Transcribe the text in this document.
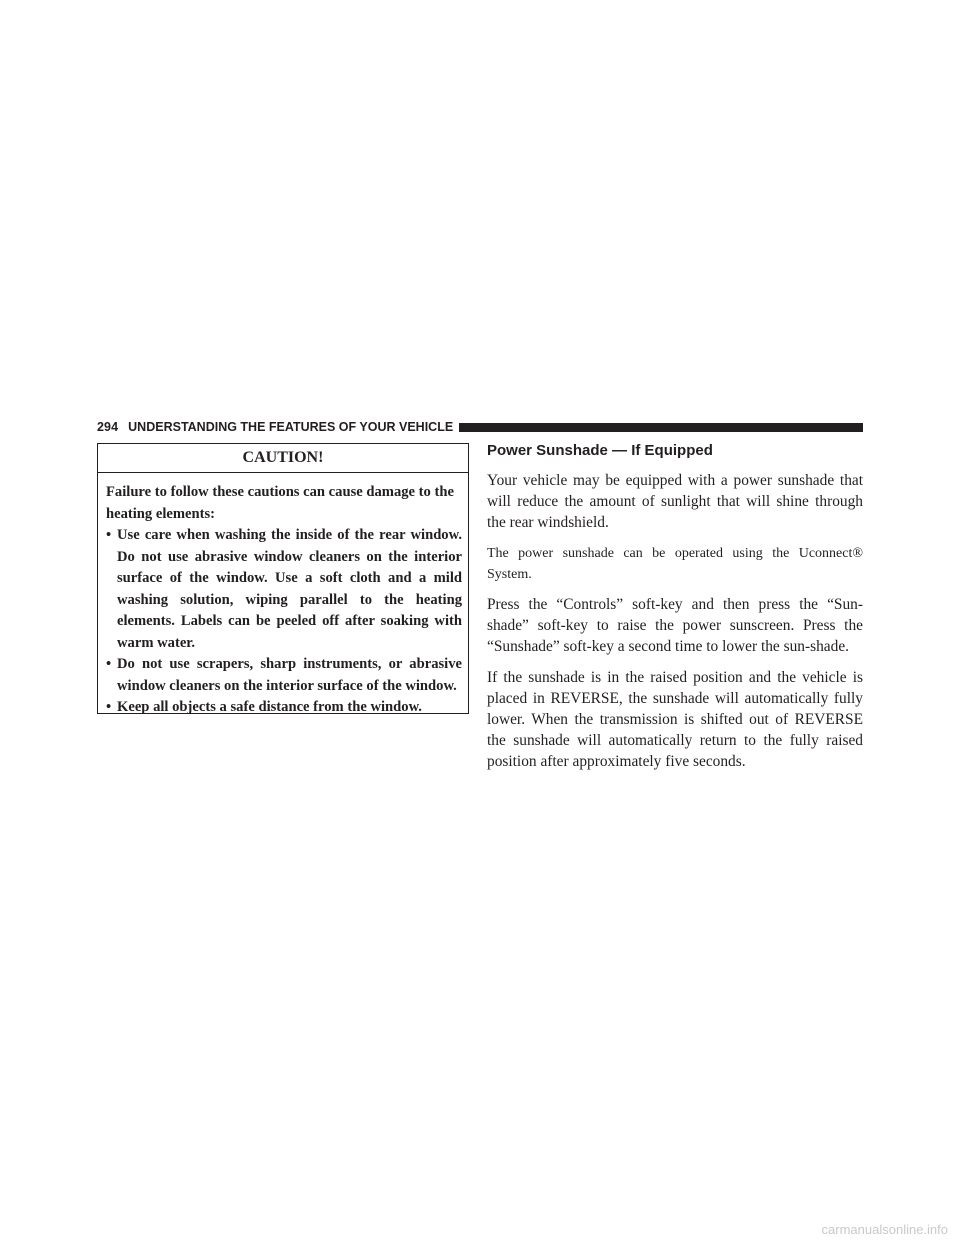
294 UNDERSTANDING THE FEATURES OF YOUR VEHICLE
CAUTION!

Failure to follow these cautions can cause damage to the heating elements:

• Use care when washing the inside of the rear window. Do not use abrasive window cleaners on the interior surface of the window. Use a soft cloth and a mild washing solution, wiping parallel to the heating elements. Labels can be peeled off after soaking with warm water.
• Do not use scrapers, sharp instruments, or abrasive window cleaners on the interior surface of the window.
• Keep all objects a safe distance from the window.
Power Sunshade — If Equipped

Your vehicle may be equipped with a power sunshade that will reduce the amount of sunlight that will shine through the rear windshield.

The power sunshade can be operated using the Uconnect® System.

Press the “Controls” soft-key and then press the “Sun-shade” soft-key to raise the power sunscreen. Press the “Sunshade” soft-key a second time to lower the sun-shade.

If the sunshade is in the raised position and the vehicle is placed in REVERSE, the sunshade will automatically fully lower. When the transmission is shifted out of REVERSE the sunshade will automatically return to the fully raised position after approximately five seconds.

carmanualsonline.info
